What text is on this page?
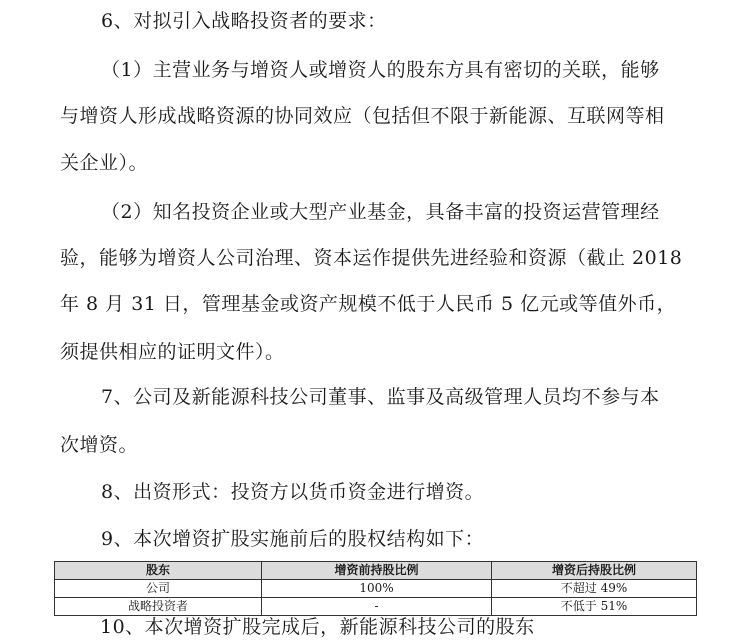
6、对拟引入战略投资者的要求：
（1）主营业务与增资人或增资人的股东方具有密切的关联，能够
与增资人形成战略资源的协同效应（包括但不限于新能源、互联网等相
关企业）。
（2）知名投资企业或大型产业基金，具备丰富的投资运营管理经
验，能够为增资人公司治理、资本运作提供先进经验和资源（截止 2018
年 8 月 31 日，管理基金或资产规模不低于人民币 5 亿元或等值外币，
须提供相应的证明文件）。
7、公司及新能源科技公司董事、监事及高级管理人员均不参与本
次增资。
8、出资形式：投资方以货币资金进行增资。
9、本次增资扩股实施前后的股权结构如下：
股东	增资前持股比例	增资后持股比例
公司	100%	不超过 49%
战略投资者	-	不低于 51%
10、本次增资扩股完成后，新能源科技公司的股东
